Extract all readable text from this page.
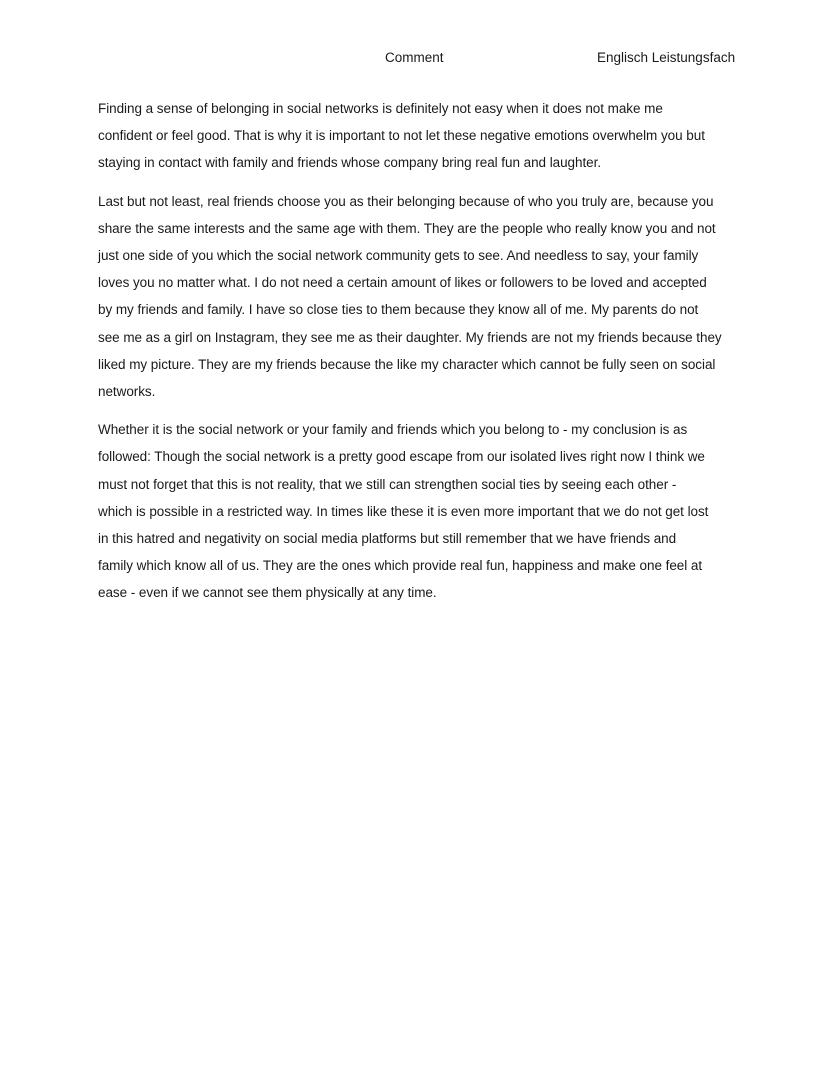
Comment	Englisch Leistungsfach

Finding a sense of belonging in social networks is definitely not easy when it does not make me
confident or feel good. That is why it is important to not let these negative emotions overwhelm you but
staying in contact with family and friends whose company bring real fun and laughter.

Last but not least, real friends choose you as their belonging because of who you truly are, because you
share the same interests and the same age with them. They are the people who really know you and not
just one side of you which the social network community gets to see. And needless to say, your family
loves you no matter what. I do not need a certain amount of likes or followers to be loved and accepted
by my friends and family. I have so close ties to them because they know all of me. My parents do not
see me as a girl on Instagram, they see me as their daughter. My friends are not my friends because they
liked my picture. They are my friends because the like my character which cannot be fully seen on social
networks.

Whether it is the social network or your family and friends which you belong to - my conclusion is as
followed: Though the social network is a pretty good escape from our isolated lives right now I think we
must not forget that this is not reality, that we still can strengthen social ties by seeing each other -
which is possible in a restricted way. In times like these it is even more important that we do not get lost
in this hatred and negativity on social media platforms but still remember that we have friends and
family which know all of us. They are the ones which provide real fun, happiness and make one feel at
ease - even if we cannot see them physically at any time.
